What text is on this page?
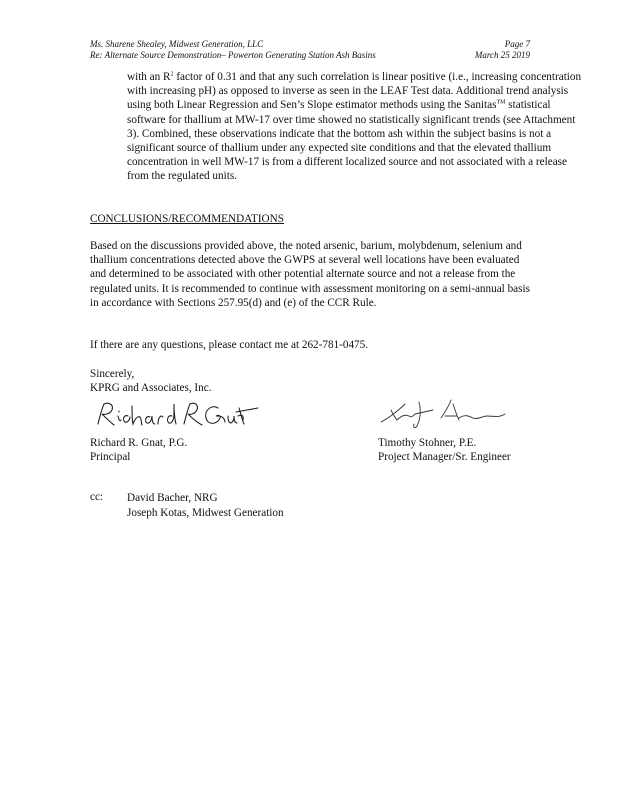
Ms. Sharene Shealey, Midwest Generation, LLC
Re: Alternate Source Demonstration– Powerton Generating Station Ash Basins
Page 7
March 25 2019
with an $R^2$ factor of 0.31 and that any such correlation is linear positive (i.e., increasing concentration with increasing pH) as opposed to inverse as seen in the LEAF Test data. Additional trend analysis using both Linear Regression and Sen’s Slope estimator methods using the Sanitas™ statistical software for thallium at MW-17 over time showed no statistically significant trends (see Attachment 3). Combined, these observations indicate that the bottom ash within the subject basins is not a significant source of thallium under any expected site conditions and that the elevated thallium concentration in well MW-17 is from a different localized source and not associated with a release from the regulated units.
CONCLUSIONS/RECOMMENDATIONS
Based on the discussions provided above, the noted arsenic, barium, molybdenum, selenium and thallium concentrations detected above the GWPS at several well locations have been evaluated and determined to be associated with other potential alternate source and not a release from the regulated units. It is recommended to continue with assessment monitoring on a semi-annual basis in accordance with Sections 257.95(d) and (e) of the CCR Rule.
If there are any questions, please contact me at 262-781-0475.
Sincerely,
KPRG and Associates, Inc.
Richard R. Gnat, P.G.
Principal
Timothy Stohner, P.E.
Project Manager/Sr. Engineer
cc: David Bacher, NRG
Joseph Kotas, Midwest Generation
